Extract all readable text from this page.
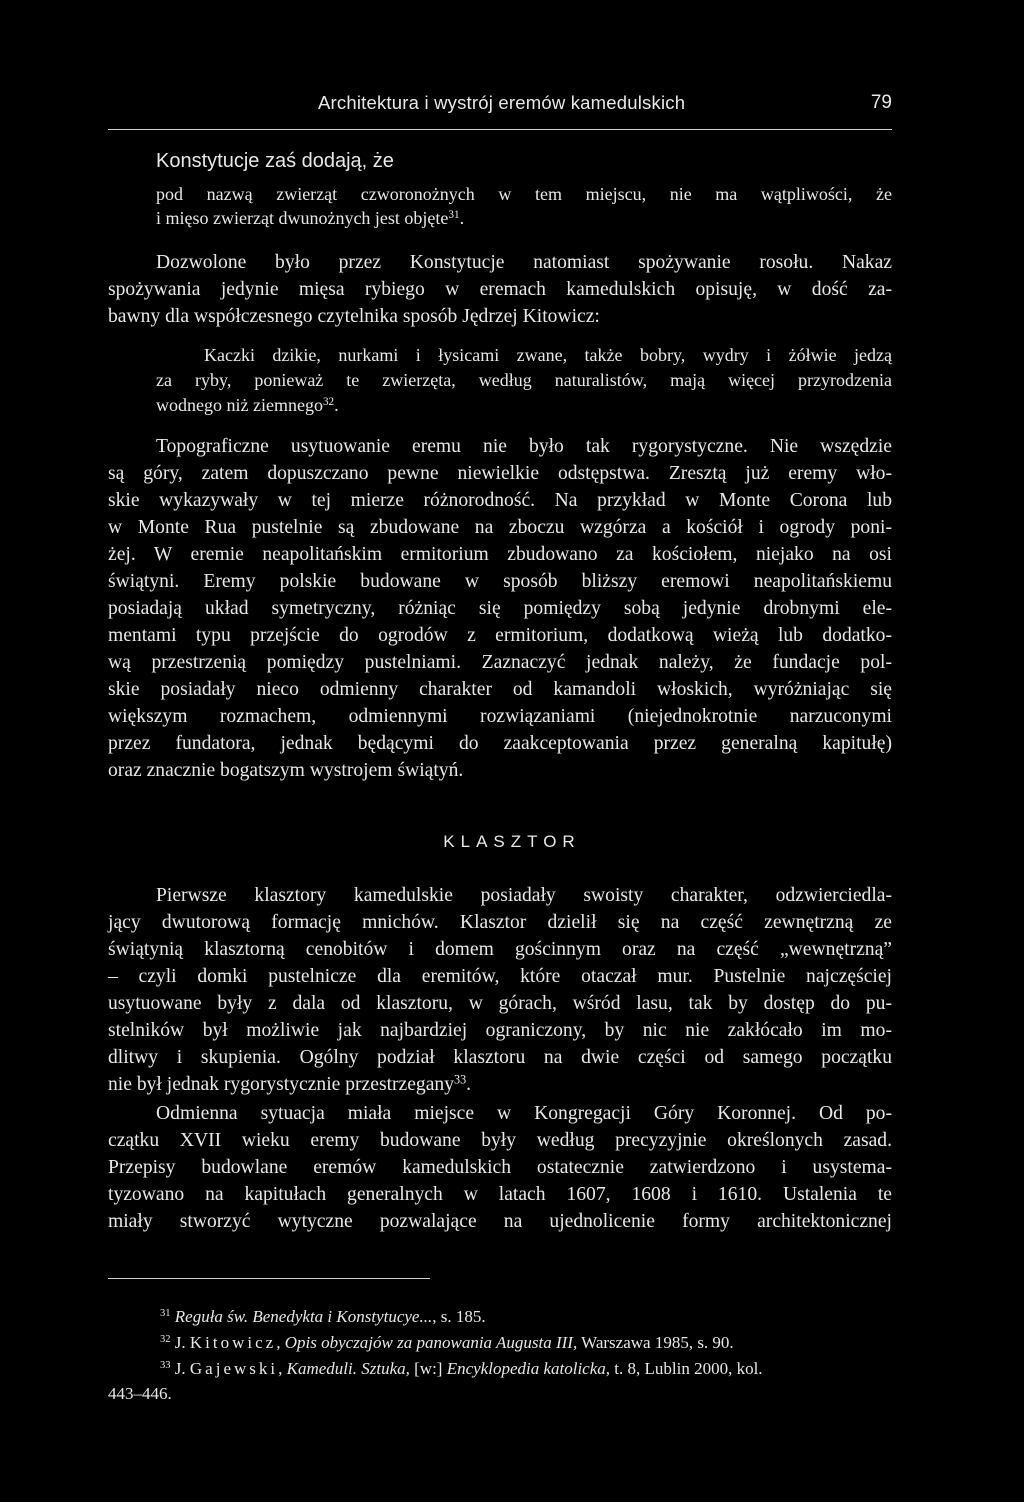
Architektura i wystrój eremów kamedulskich	79
Konstytucje zaś dodają, że
pod nazwą zwierząt czworonożnych w tem miejscu, nie ma wątpliwości, że
i mięso zwierząt dwunożnych jest objęte$^{31}$.
Dozwolone było przez Konstytucje natomiast spożywanie rosołu. Nakaz
spożywania jedynie mięsa rybiego w eremach kamedulskich opisuję, w dość za-
bawny dla współczesnego czytelnika sposób Jędrzej Kitowicz:
Kaczki dzikie, nurkami i łysicami zwane, także bobry, wydry i żółwie jedzą
za ryby, ponieważ te zwierzęta, według naturalistów, mają więcej przyrodzenia
wodnego niż ziemnego$^{32}$.
Topograficzne usytuowanie eremu nie było tak rygorystyczne. Nie wszędzie
są góry, zatem dopuszczano pewne niewielkie odstępstwa. Zresztą już eremy wło-
skie wykazywały w tej mierze różnorodność. Na przykład w Monte Corona lub
w Monte Rua pustelnie są zbudowane na zboczu wzgórza a kościół i ogrody poni-
żej. W eremie neapolitańskim ermitorium zbudowano za kościołem, niejako na osi
świątyni. Eremy polskie budowane w sposób bliższy eremowi neapolitańskiemu
posiadają układ symetryczny, różniąc się pomiędzy sobą jedynie drobnymi ele-
mentami typu przejście do ogrodów z ermitorium, dodatkową wieżą lub dodatko-
wą przestrzenią pomiędzy pustelniami. Zaznaczyć jednak należy, że fundacje pol-
skie posiadały nieco odmienny charakter od kamandoli włoskich, wyróżniając się
większym rozmachem, odmiennymi rozwiązaniami (niejednokrotnie narzuconymi
przez fundatora, jednak będącymi do zaakceptowania przez generalną kapitułę)
oraz znacznie bogatszym wystrojem świątyń.
KLASZTOR
Pierwsze klasztory kamedulskie posiadały swoisty charakter, odzwierciedla-
jący dwutorową formację mnichów. Klasztor dzielił się na część zewnętrzną ze
świątynią klasztorną cenobitów i domem gościnnym oraz na część „wewnętrzną”
– czyli domki pustelnicze dla eremitów, które otaczał mur. Pustelnie najczęściej
usytuowane były z dala od klasztoru, w górach, wśród lasu, tak by dostęp do pu-
stelników był możliwie jak najbardziej ograniczony, by nic nie zakłócało im mo-
dlitwy i skupienia. Ogólny podział klasztoru na dwie części od samego początku
nie był jednak rygorystycznie przestrzegany$^{33}$.
Odmienna sytuacja miała miejsce w Kongregacji Góry Koronnej. Od po-
czątku XVII wieku eremy budowane były według precyzyjnie określonych zasad.
Przepisy budowlane eremów kamedulskich ostatecznie zatwierdzono i usystema-
tyzowano na kapitułach generalnych w latach 1607, 1608 i 1610. Ustalenia te
miały stworzyć wytyczne pozwalające na ujednolicenie formy architektonicznej
$^{31}$ Reguła św. Benedykta i Konstytucye..., s. 185.
$^{32}$ J. Kitowicz, Opis obyczajów za panowania Augusta III, Warszawa 1985, s. 90.
$^{33}$ J. Gajewski, Kameduli. Sztuka, [w:] Encyklopedia katolicka, t. 8, Lublin 2000, kol.
443–446.
